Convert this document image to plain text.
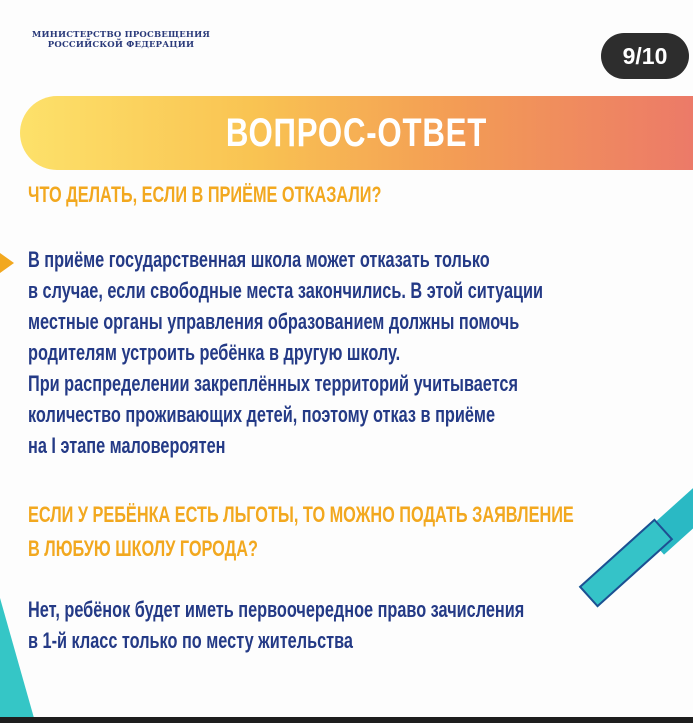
МИНИСТЕРСТВО ПРОСВЕЩЕНИЯ
РОССИЙСКОЙ ФЕДЕРАЦИИ	9/10
ВОПРОС-ОТВЕТ
ЧТО ДЕЛАТЬ, ЕСЛИ В ПРИЁМЕ ОТКАЗАЛИ?
В приёме государственная школа может отказать только
в случае, если свободные места закончились. В этой ситуации
местные органы управления образованием должны помочь
родителям устроить ребёнка в другую школу.
При распределении закреплённых территорий учитывается
количество проживающих детей, поэтому отказ в приёме
на I этапе маловероятен
ЕСЛИ У РЕБЁНКА ЕСТЬ ЛЬГОТЫ, ТО МОЖНО ПОДАТЬ ЗАЯВЛЕНИЕ
В ЛЮБУЮ ШКОЛУ ГОРОДА?
Нет, ребёнок будет иметь первоочередное право зачисления
в 1-й класс только по месту жительства
